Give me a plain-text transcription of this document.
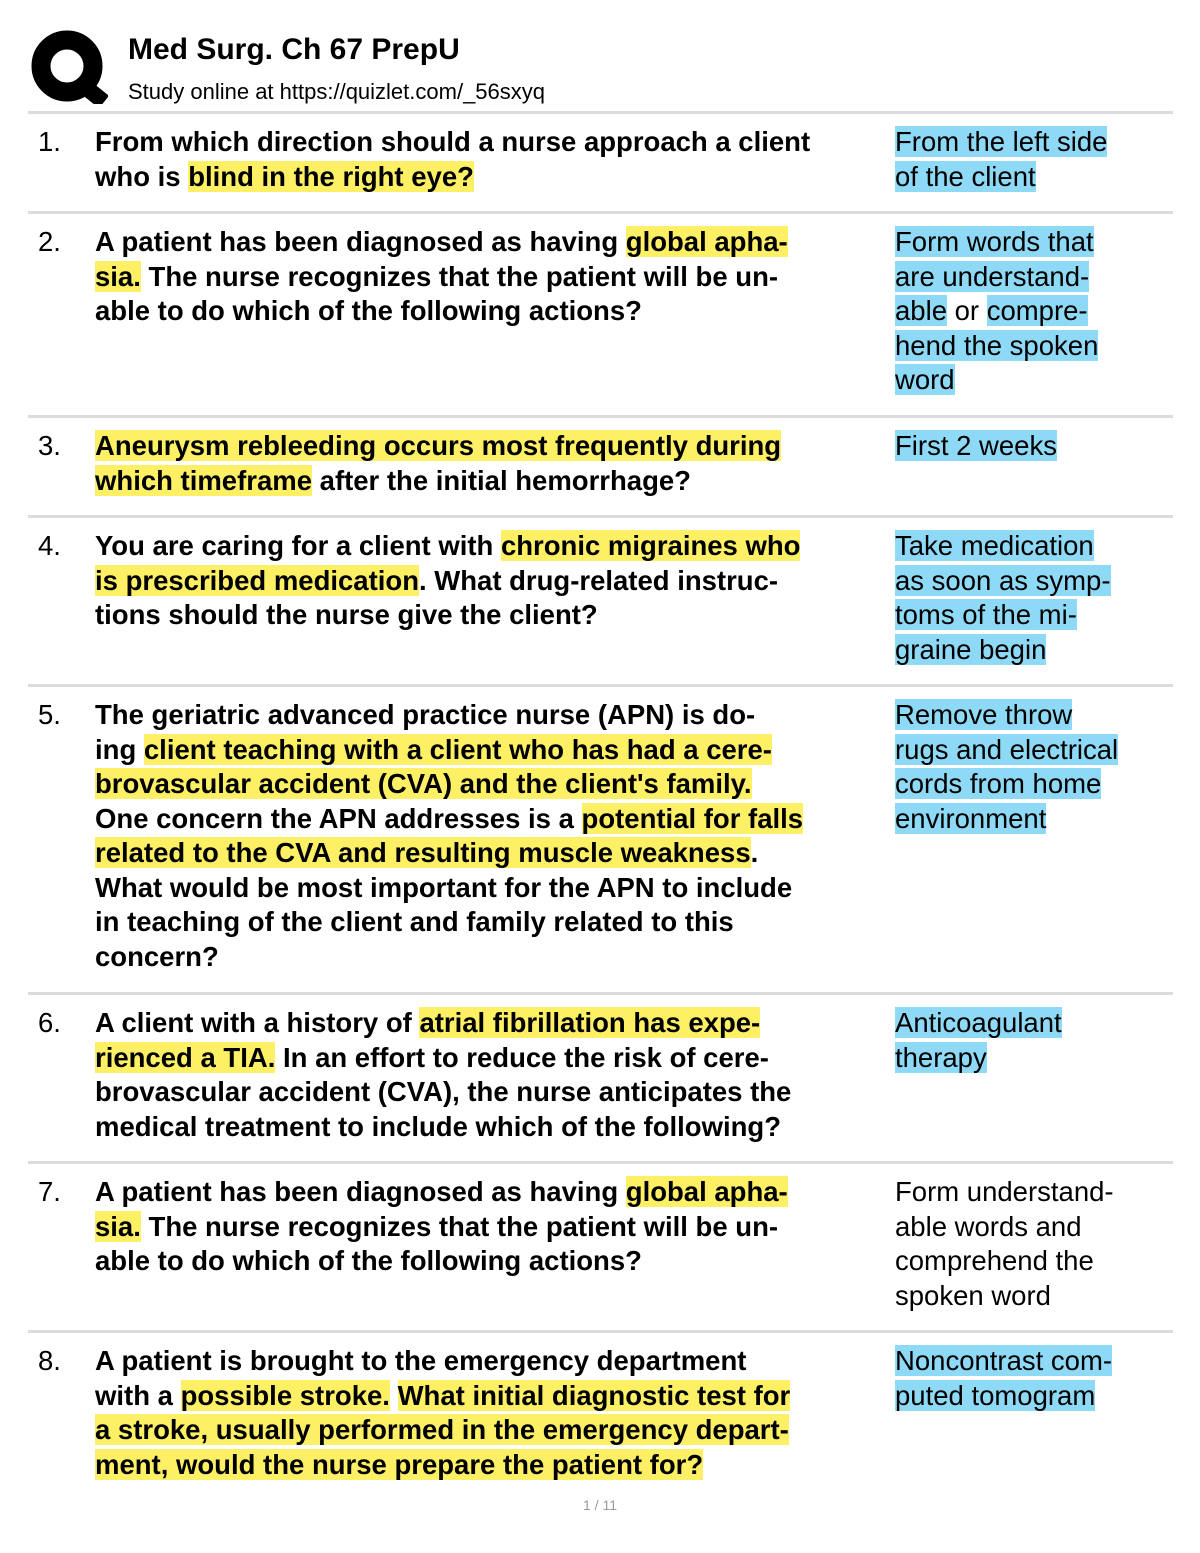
Med Surg. Ch 67 PrepU
Study online at https://quizlet.com/_56sxyq
1. From which direction should a nurse approach a client
who is blind in the right eye?
From the left side
of the client
2. A patient has been diagnosed as having global apha-
sia. The nurse recognizes that the patient will be un-
able to do which of the following actions?
Form words that
are understand-
able or compre-
hend the spoken
word
3. Aneurysm rebleeding occurs most frequently during
which timeframe after the initial hemorrhage?
First 2 weeks
4. You are caring for a client with chronic migraines who
is prescribed medication. What drug-related instruc-
tions should the nurse give the client?
Take medication
as soon as symp-
toms of the mi-
graine begin
5. The geriatric advanced practice nurse (APN) is do-
ing client teaching with a client who has had a cere-
brovascular accident (CVA) and the client's family.
One concern the APN addresses is a potential for falls
related to the CVA and resulting muscle weakness.
What would be most important for the APN to include
in teaching of the client and family related to this
concern?
Remove throw
rugs and electrical
cords from home
environment
6. A client with a history of atrial fibrillation has expe-
rienced a TIA. In an effort to reduce the risk of cere-
brovascular accident (CVA), the nurse anticipates the
medical treatment to include which of the following?
Anticoagulant
therapy
7. A patient has been diagnosed as having global apha-
sia. The nurse recognizes that the patient will be un-
able to do which of the following actions?
Form understand-
able words and
comprehend the
spoken word
8. A patient is brought to the emergency department
with a possible stroke. What initial diagnostic test for
a stroke, usually performed in the emergency depart-
ment, would the nurse prepare the patient for?
Noncontrast com-
puted tomogram
1 / 11
